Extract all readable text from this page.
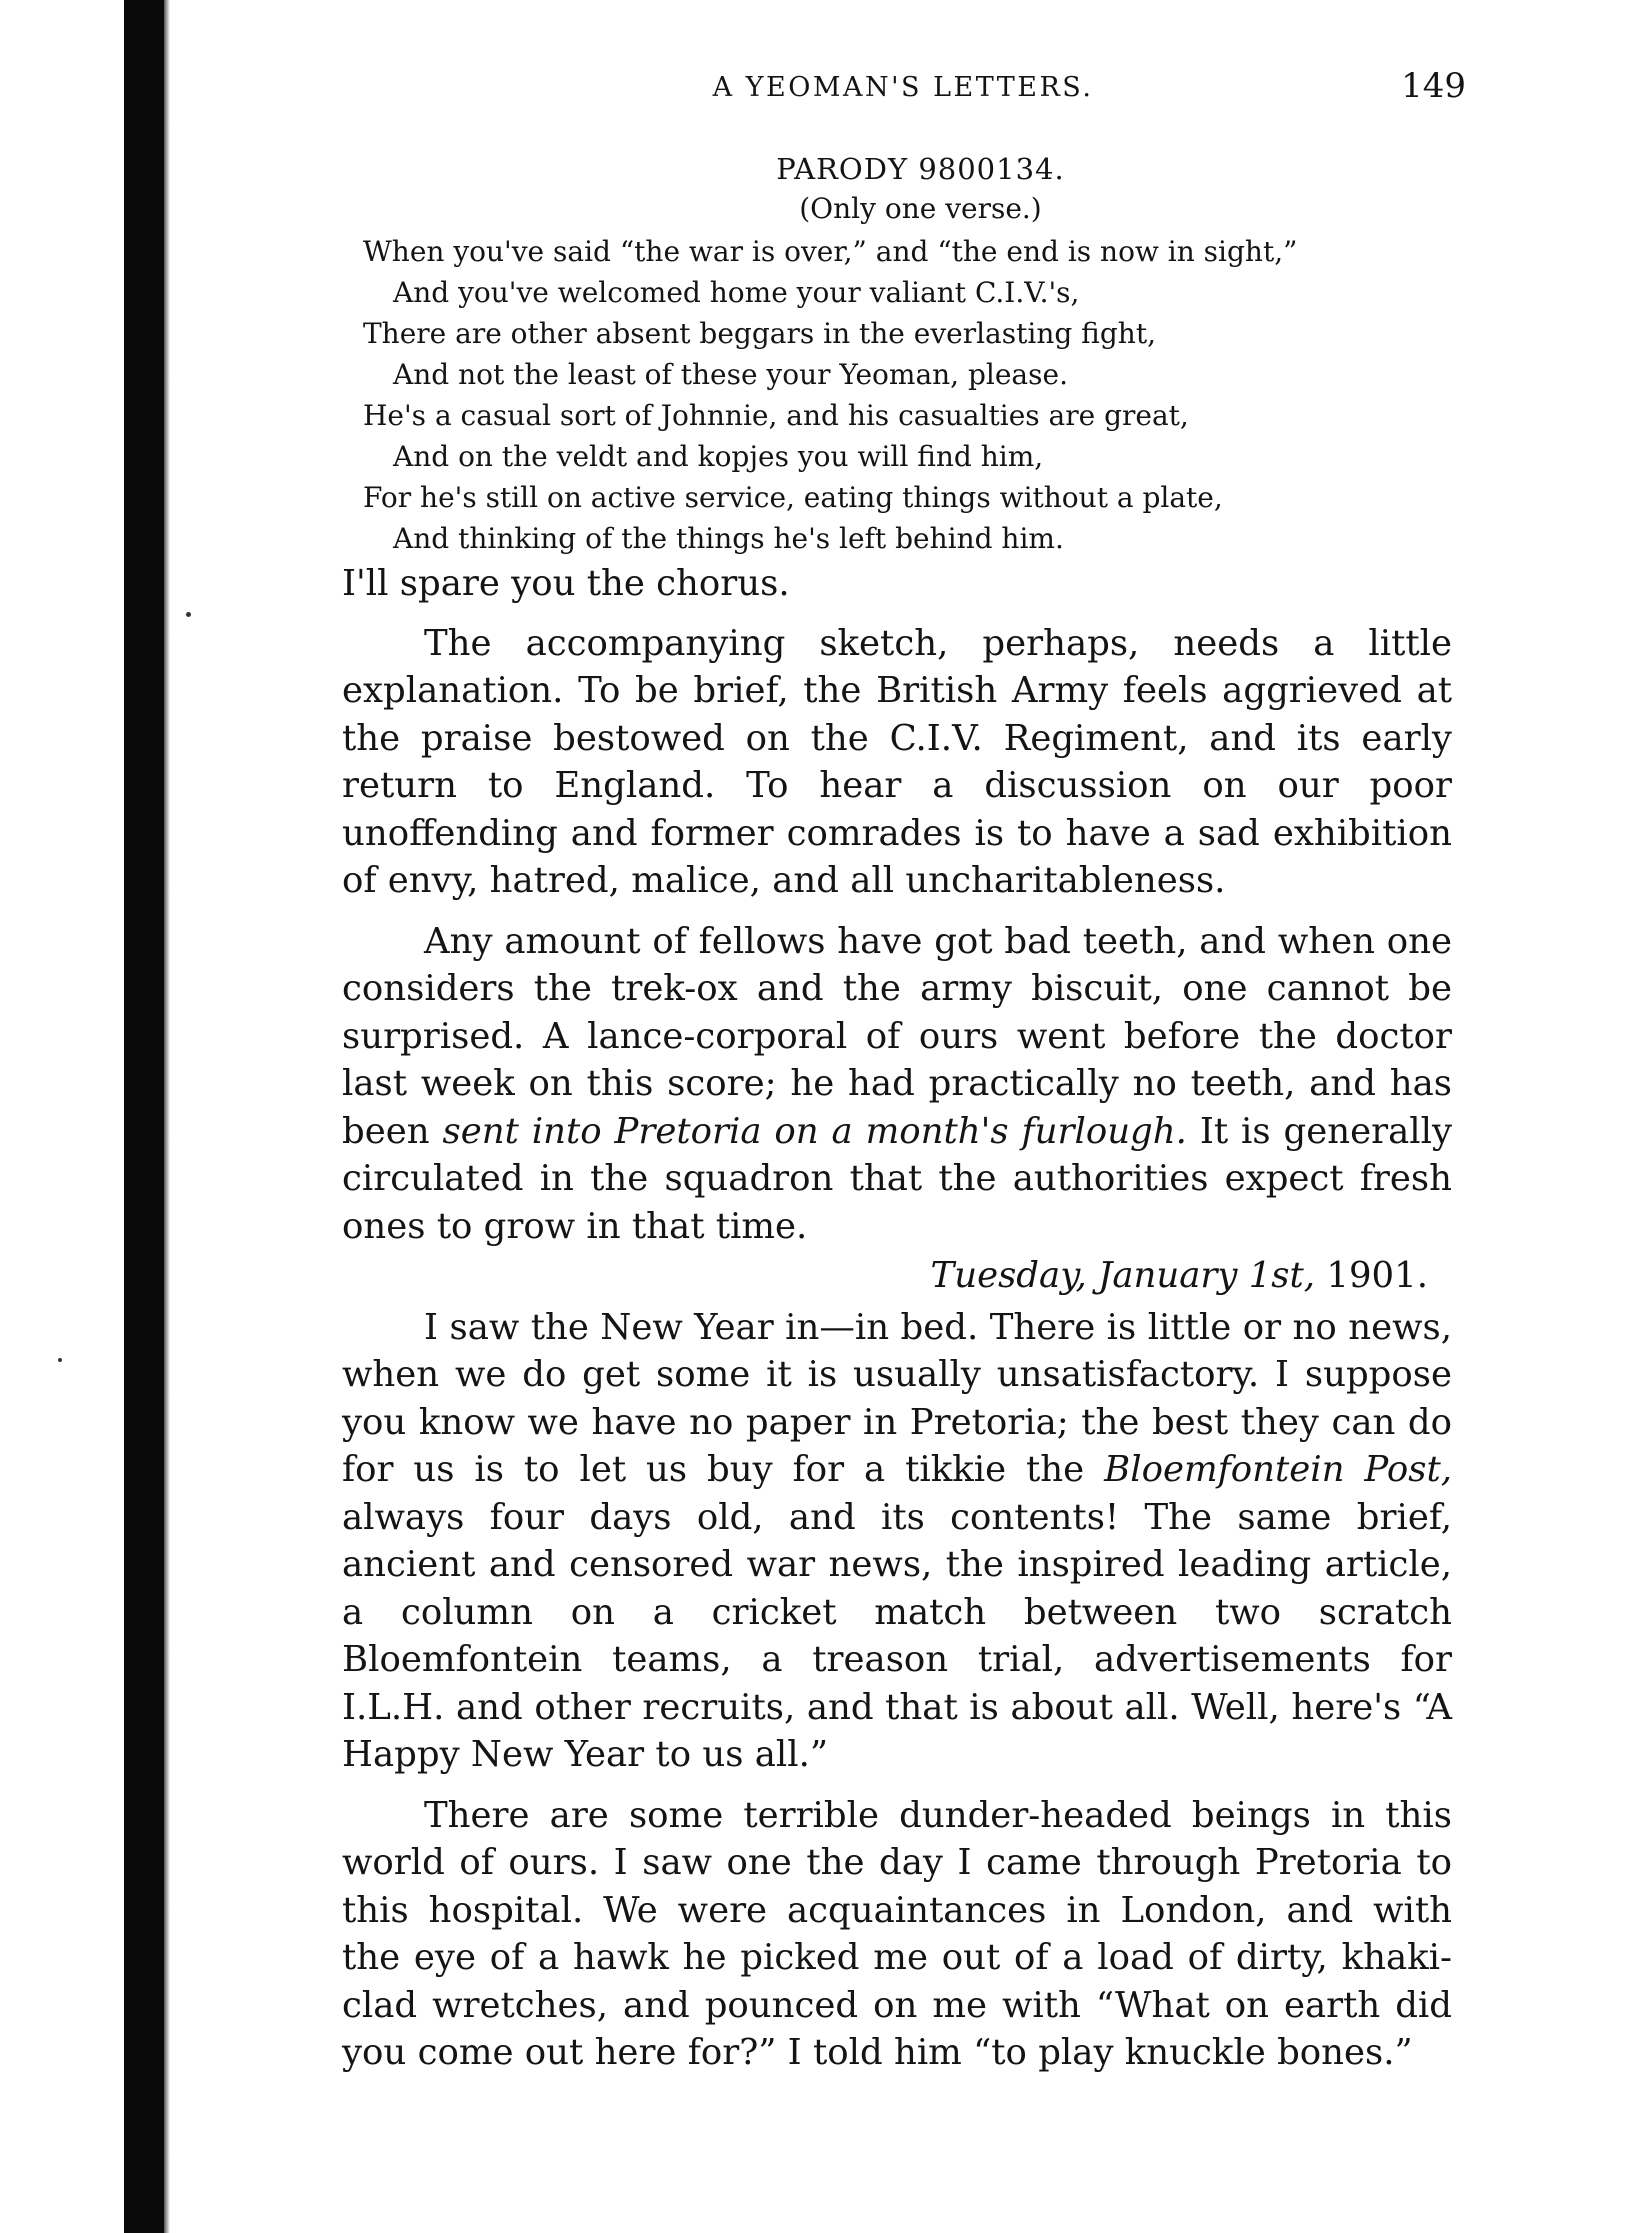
A YEOMAN'S LETTERS.	149
PARODY 9800134.
(Only one verse.)
When you've said “the war is over,” and “the end is now in sight,”
And you've welcomed home your valiant C.I.V.'s,
There are other absent beggars in the everlasting fight,
And not the least of these your Yeoman, please.
He's a casual sort of Johnnie, and his casualties are great,
And on the veldt and kopjes you will find him,
For he's still on active service, eating things without a plate,
And thinking of the things he's left behind him.

I'll spare you the chorus.

The accompanying sketch, perhaps, needs a little explanation. To be brief, the British Army feels aggrieved at the praise bestowed on the C.I.V. Regiment, and its early return to England. To hear a discussion on our poor unoffending and former comrades is to have a sad exhibition of envy, hatred, malice, and all uncharitableness.

Any amount of fellows have got bad teeth, and when one considers the trek-ox and the army biscuit, one cannot be surprised. A lance-corporal of ours went before the doctor last week on this score; he had practically no teeth, and has been sent into Pretoria on a month's furlough. It is generally circulated in the squadron that the authorities expect fresh ones to grow in that time.

Tuesday, January 1st, 1901.

I saw the New Year in—in bed. There is little or no news, when we do get some it is usually unsatisfactory. I suppose you know we have no paper in Pretoria; the best they can do for us is to let us buy for a tikkie the Bloemfontein Post, always four days old, and its contents! The same brief, ancient and censored war news, the inspired leading article, a column on a cricket match between two scratch Bloemfontein teams, a treason trial, advertisements for I.L.H. and other recruits, and that is about all. Well, here's “A Happy New Year to us all.”

There are some terrible dunder-headed beings in this world of ours. I saw one the day I came through Pretoria to this hospital. We were acquaintances in London, and with the eye of a hawk he picked me out of a load of dirty, khaki-clad wretches, and pounced on me with “What on earth did you come out here for?” I told him “to play knuckle bones.”
